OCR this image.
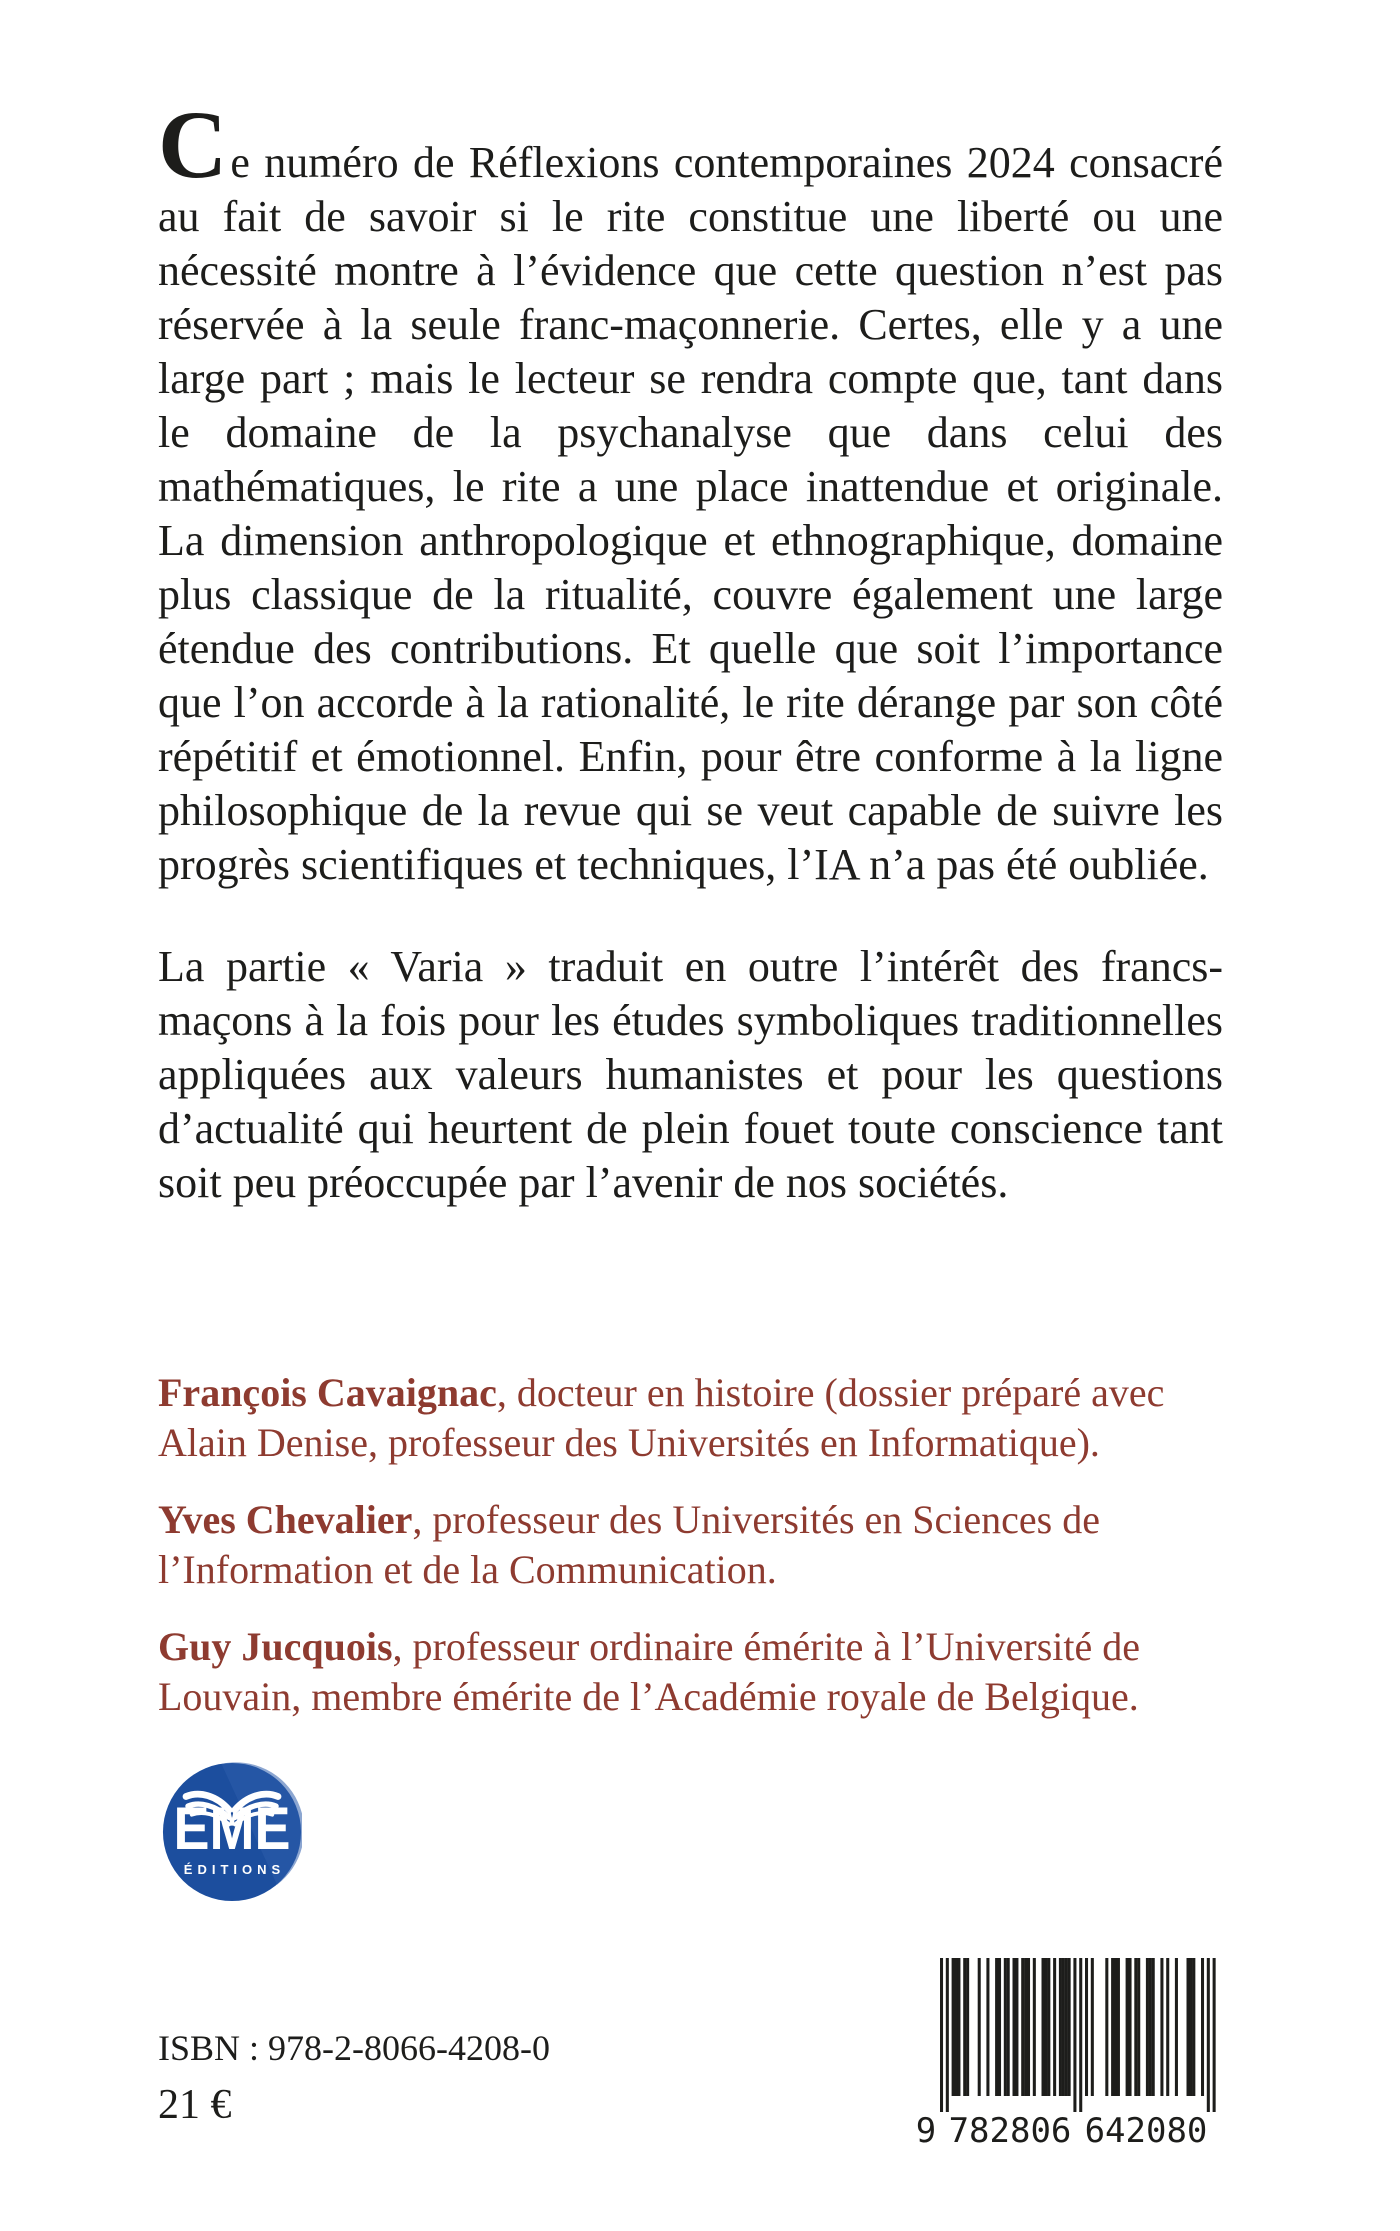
Ce numéro de Réflexions contemporaines 2024 consacré au fait de savoir si le rite constitue une liberté ou une nécessité montre à l’évidence que cette question n’est pas réservée à la seule franc-maçonnerie. Certes, elle y a une large part ; mais le lecteur se rendra compte que, tant dans le domaine de la psychanalyse que dans celui des mathématiques, le rite a une place inattendue et originale. La dimension anthropologique et ethnographique, domaine plus classique de la ritualité, couvre également une large étendue des contributions. Et quelle que soit l’importance que l’on accorde à la rationalité, le rite dérange par son côté répétitif et émotionnel. Enfin, pour être conforme à la ligne philosophique de la revue qui se veut capable de suivre les progrès scientifiques et techniques, l’IA n’a pas été oubliée.

La partie « Varia » traduit en outre l’intérêt des francs-maçons à la fois pour les études symboliques traditionnelles appliquées aux valeurs humanistes et pour les questions d’actualité qui heurtent de plein fouet toute conscience tant soit peu préoccupée par l’avenir de nos sociétés.

François Cavaignac, docteur en histoire (dossier préparé avec Alain Denise, professeur des Universités en Informatique).

Yves Chevalier, professeur des Universités en Sciences de l’Information et de la Communication.

Guy Jucquois, professeur ordinaire émérite à l’Université de Louvain, membre émérite de l’Académie royale de Belgique.

EME
ÉDITIONS
9 782806 642080

ISBN : 978-2-8066-4208-0

21 €
